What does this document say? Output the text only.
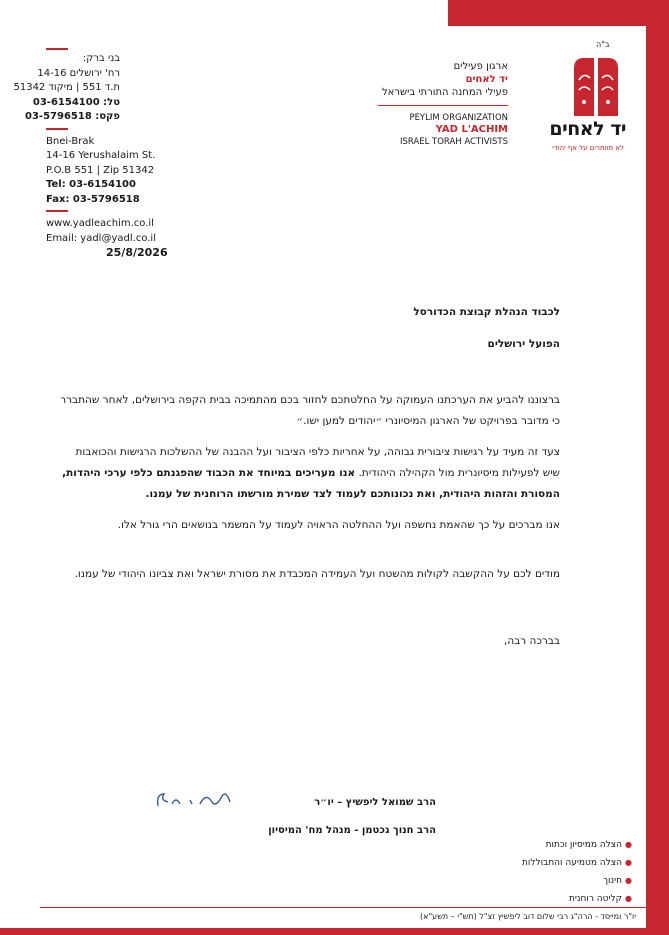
ב"ה
בני ברק:
רח' ירושלים 14-16
ת.ד 551 | מיקוד 51342
טל: 03-6154100
פקס: 03-5796518
Bnei-Brak
14-16 Yerushalaim St.
P.O.B 551 | Zip 51342
Tel: 03-6154100
Fax: 03-5796518
www.yadleachim.co.il
Email: yadl@yadl.co.il
25/8/2026
ארגון פעילים
יד לאחים
פעילי המחנה התורתי בישראל
PEYLIM ORGANIZATION
YAD L'ACHIM
ISRAEL TORAH ACTIVISTS
יד לאחים
לא מוותרים על אף יהודי
לכבוד הנהלת קבוצת הכדורסל
הפועל ירושלים

ברצוננו להביע את הערכתנו העמוקה על החלטתכם לחזור בכם מהתמיכה בבית הקפה בירושלים, לאחר שהתברר כי מדובר בפרויקט של הארגון המיסיונרי ״יהודים למען ישו.״

צעד זה מעיד על רגישות ציבורית גבוהה, על אחריות כלפי הציבור ועל ההבנה של ההשלכות הרגישות והכואבות שיש לפעילות מיסיונרית מול הקהילה היהודית. אנו מעריכים במיוחד את הכבוד שהפגנתם כלפי ערכי היהדות, המסורת והזהות היהודית, ואת נכונותכם לעמוד לצד שמירת מורשתו הרוחנית של עמנו.

אנו מברכים על כך שהאמת נחשפה ועל ההחלטה הראויה לעמוד על המשמר בנושאים הרי גורל אלו.

מודים לכם על ההקשבה לקולות מהשטח ועל העמידה המכבדת את מסורת ישראל ואת צביונו היהודי של עמנו.

בברכה רבה,
הרב שמואל ליפשיץ – יו״ר
הרב חנוך גכטמן - מנהל מח' המיסיון
●הצלה ממיסיון וכתות
●הצלה מטמיעה והתבוללות
●חינוך
●קליטה רוחנית
יו"ר ומייסד - הרה"ג רבי שלום דוב ליפשיץ זצ"ל (תש"י – תשע"א)
